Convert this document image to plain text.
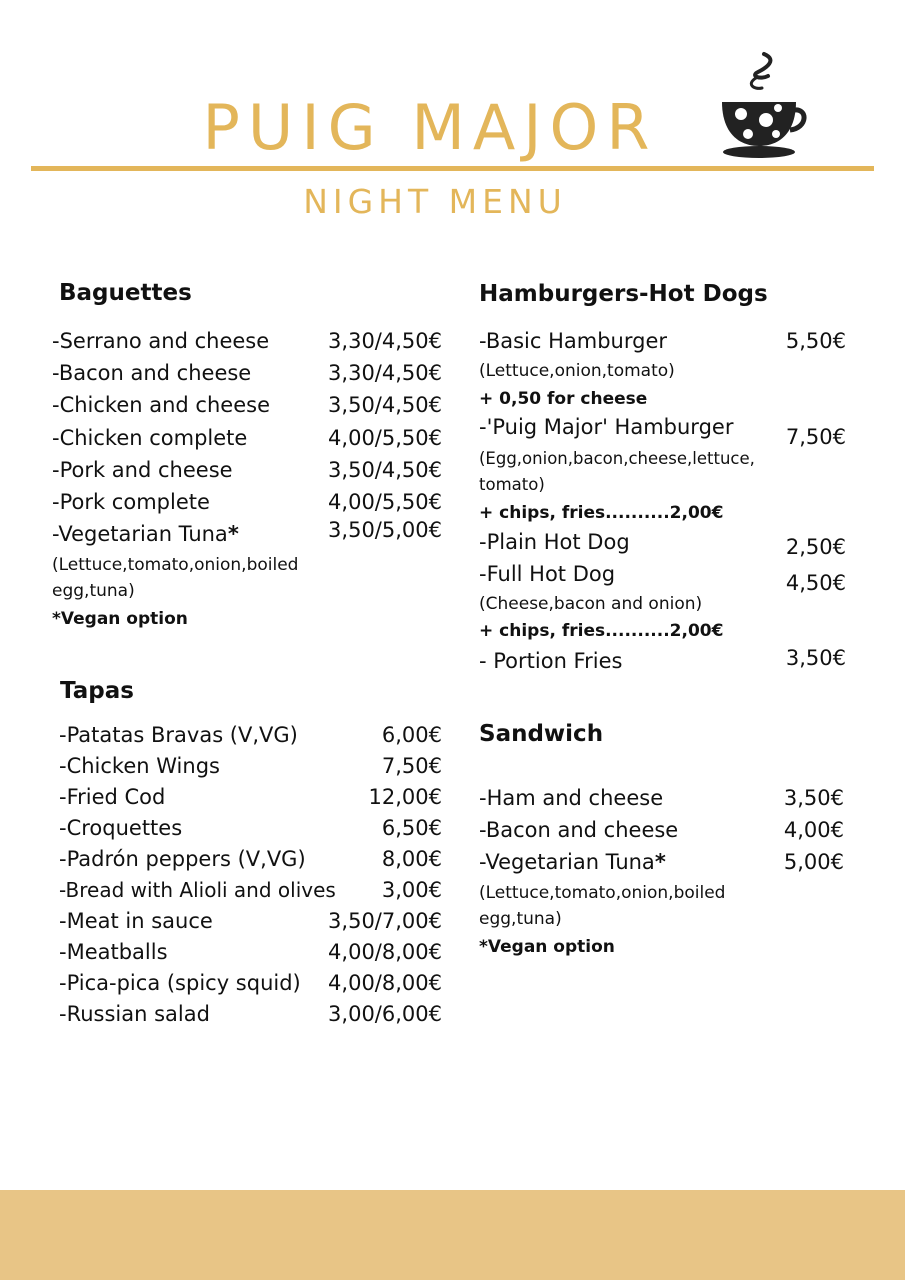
PUIG MAJOR
NIGHT MENU
Baguettes
-Serrano and cheese	3,30/4,50€
-Bacon and cheese	3,30/4,50€
-Chicken and cheese	3,50/4,50€
-Chicken complete	4,00/5,50€
-Pork and cheese	3,50/4,50€
-Pork complete	4,00/5,50€
-Vegetarian Tuna*	3,50/5,00€
(Lettuce,tomato,onion,boiled egg,tuna)
*Vegan option
Tapas
-Patatas Bravas (V,VG)	6,00€
-Chicken Wings	7,50€
-Fried Cod	12,00€
-Croquettes	6,50€
-Padrón peppers (V,VG)	8,00€
-Bread with Alioli and olives	3,00€
-Meat in sauce	3,50/7,00€
-Meatballs	4,00/8,00€
-Pica-pica (spicy squid)	4,00/8,00€
-Russian salad	3,00/6,00€
Hamburgers-Hot Dogs
-Basic Hamburger	5,50€
(Lettuce,onion,tomato)
+ 0,50 for cheese
-'Puig Major' Hamburger	7,50€
(Egg,onion,bacon,cheese,lettuce, tomato)
+ chips, fries..........2,00€
-Plain Hot Dog	2,50€
-Full Hot Dog	4,50€
(Cheese,bacon and onion)
+ chips, fries..........2,00€
- Portion Fries	3,50€
Sandwich
-Ham and cheese	3,50€
-Bacon and cheese	4,00€
-Vegetarian Tuna*	5,00€
(Lettuce,tomato,onion,boiled egg,tuna)
*Vegan option
